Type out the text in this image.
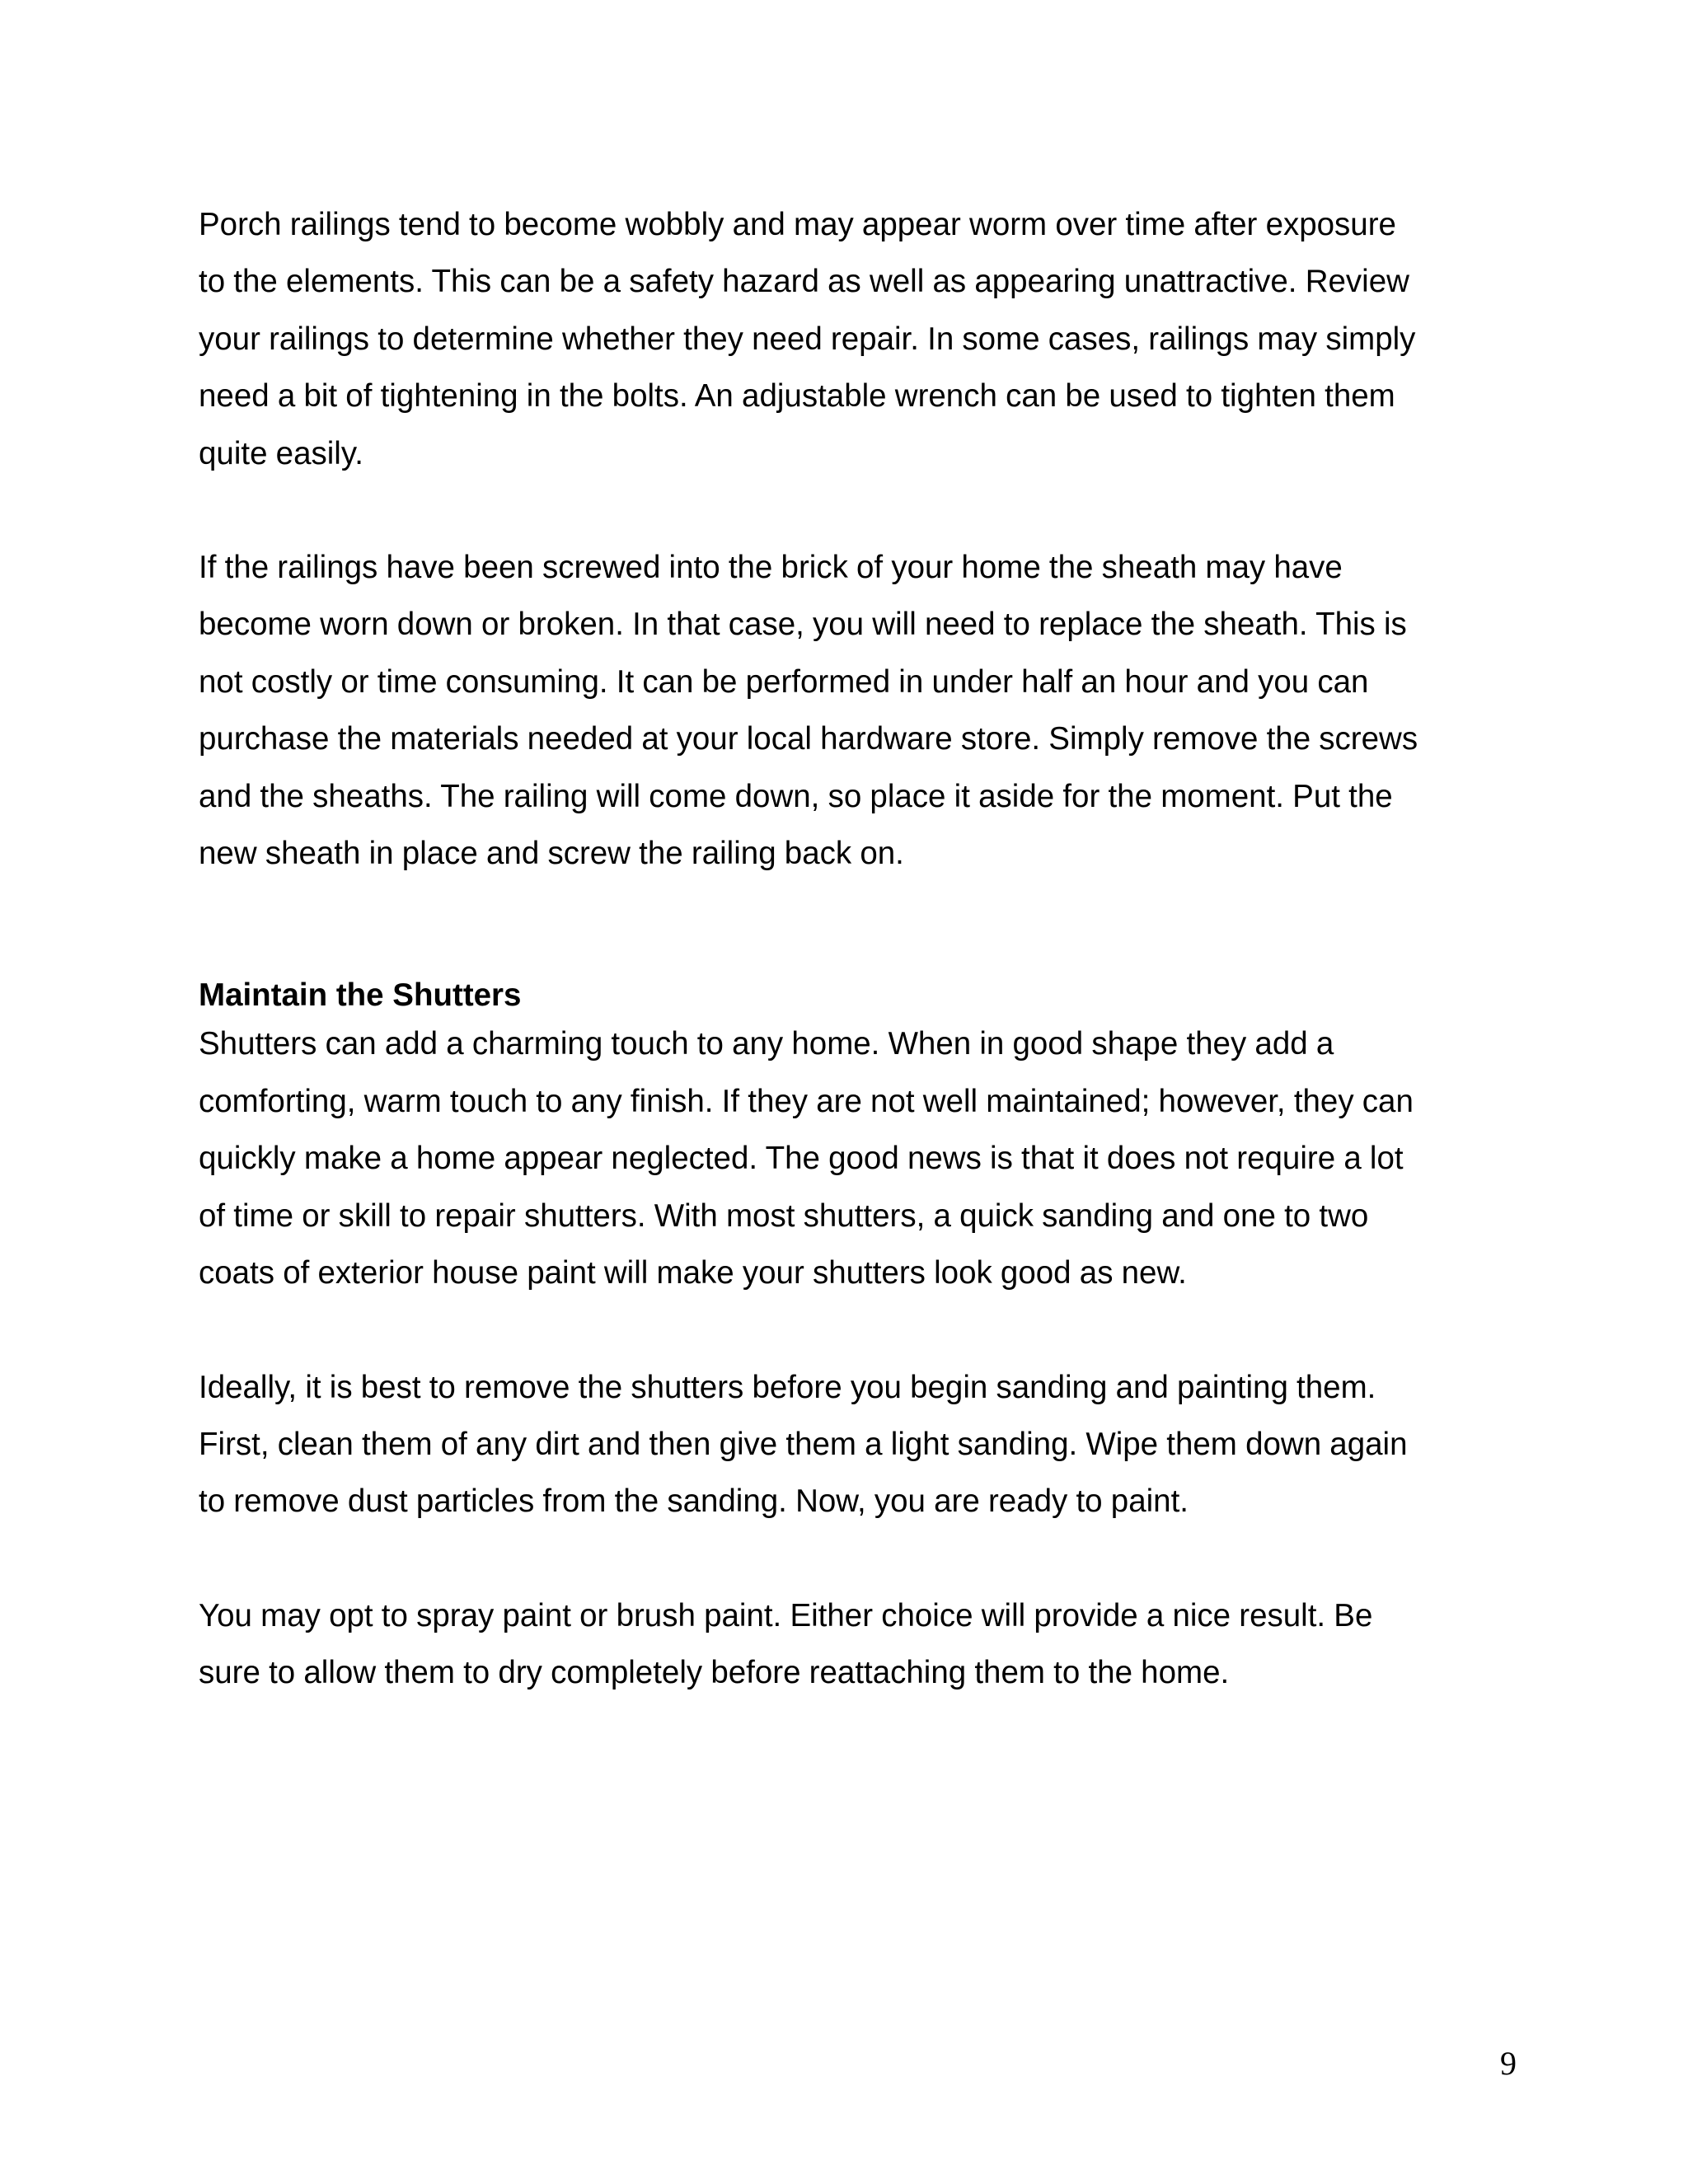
Porch railings tend to become wobbly and may appear worm over time after exposure
to the elements. This can be a safety hazard as well as appearing unattractive. Review
your railings to determine whether they need repair. In some cases, railings may simply
need a bit of tightening in the bolts. An adjustable wrench can be used to tighten them
quite easily.

If the railings have been screwed into the brick of your home the sheath may have
become worn down or broken. In that case, you will need to replace the sheath. This is
not costly or time consuming. It can be performed in under half an hour and you can
purchase the materials needed at your local hardware store. Simply remove the screws
and the sheaths. The railing will come down, so place it aside for the moment. Put the
new sheath in place and screw the railing back on.

Maintain the Shutters

Shutters can add a charming touch to any home. When in good shape they add a
comforting, warm touch to any finish. If they are not well maintained; however, they can
quickly make a home appear neglected. The good news is that it does not require a lot
of time or skill to repair shutters. With most shutters, a quick sanding and one to two
coats of exterior house paint will make your shutters look good as new.

Ideally, it is best to remove the shutters before you begin sanding and painting them.
First, clean them of any dirt and then give them a light sanding. Wipe them down again
to remove dust particles from the sanding. Now, you are ready to paint.

You may opt to spray paint or brush paint. Either choice will provide a nice result. Be
sure to allow them to dry completely before reattaching them to the home.

9
